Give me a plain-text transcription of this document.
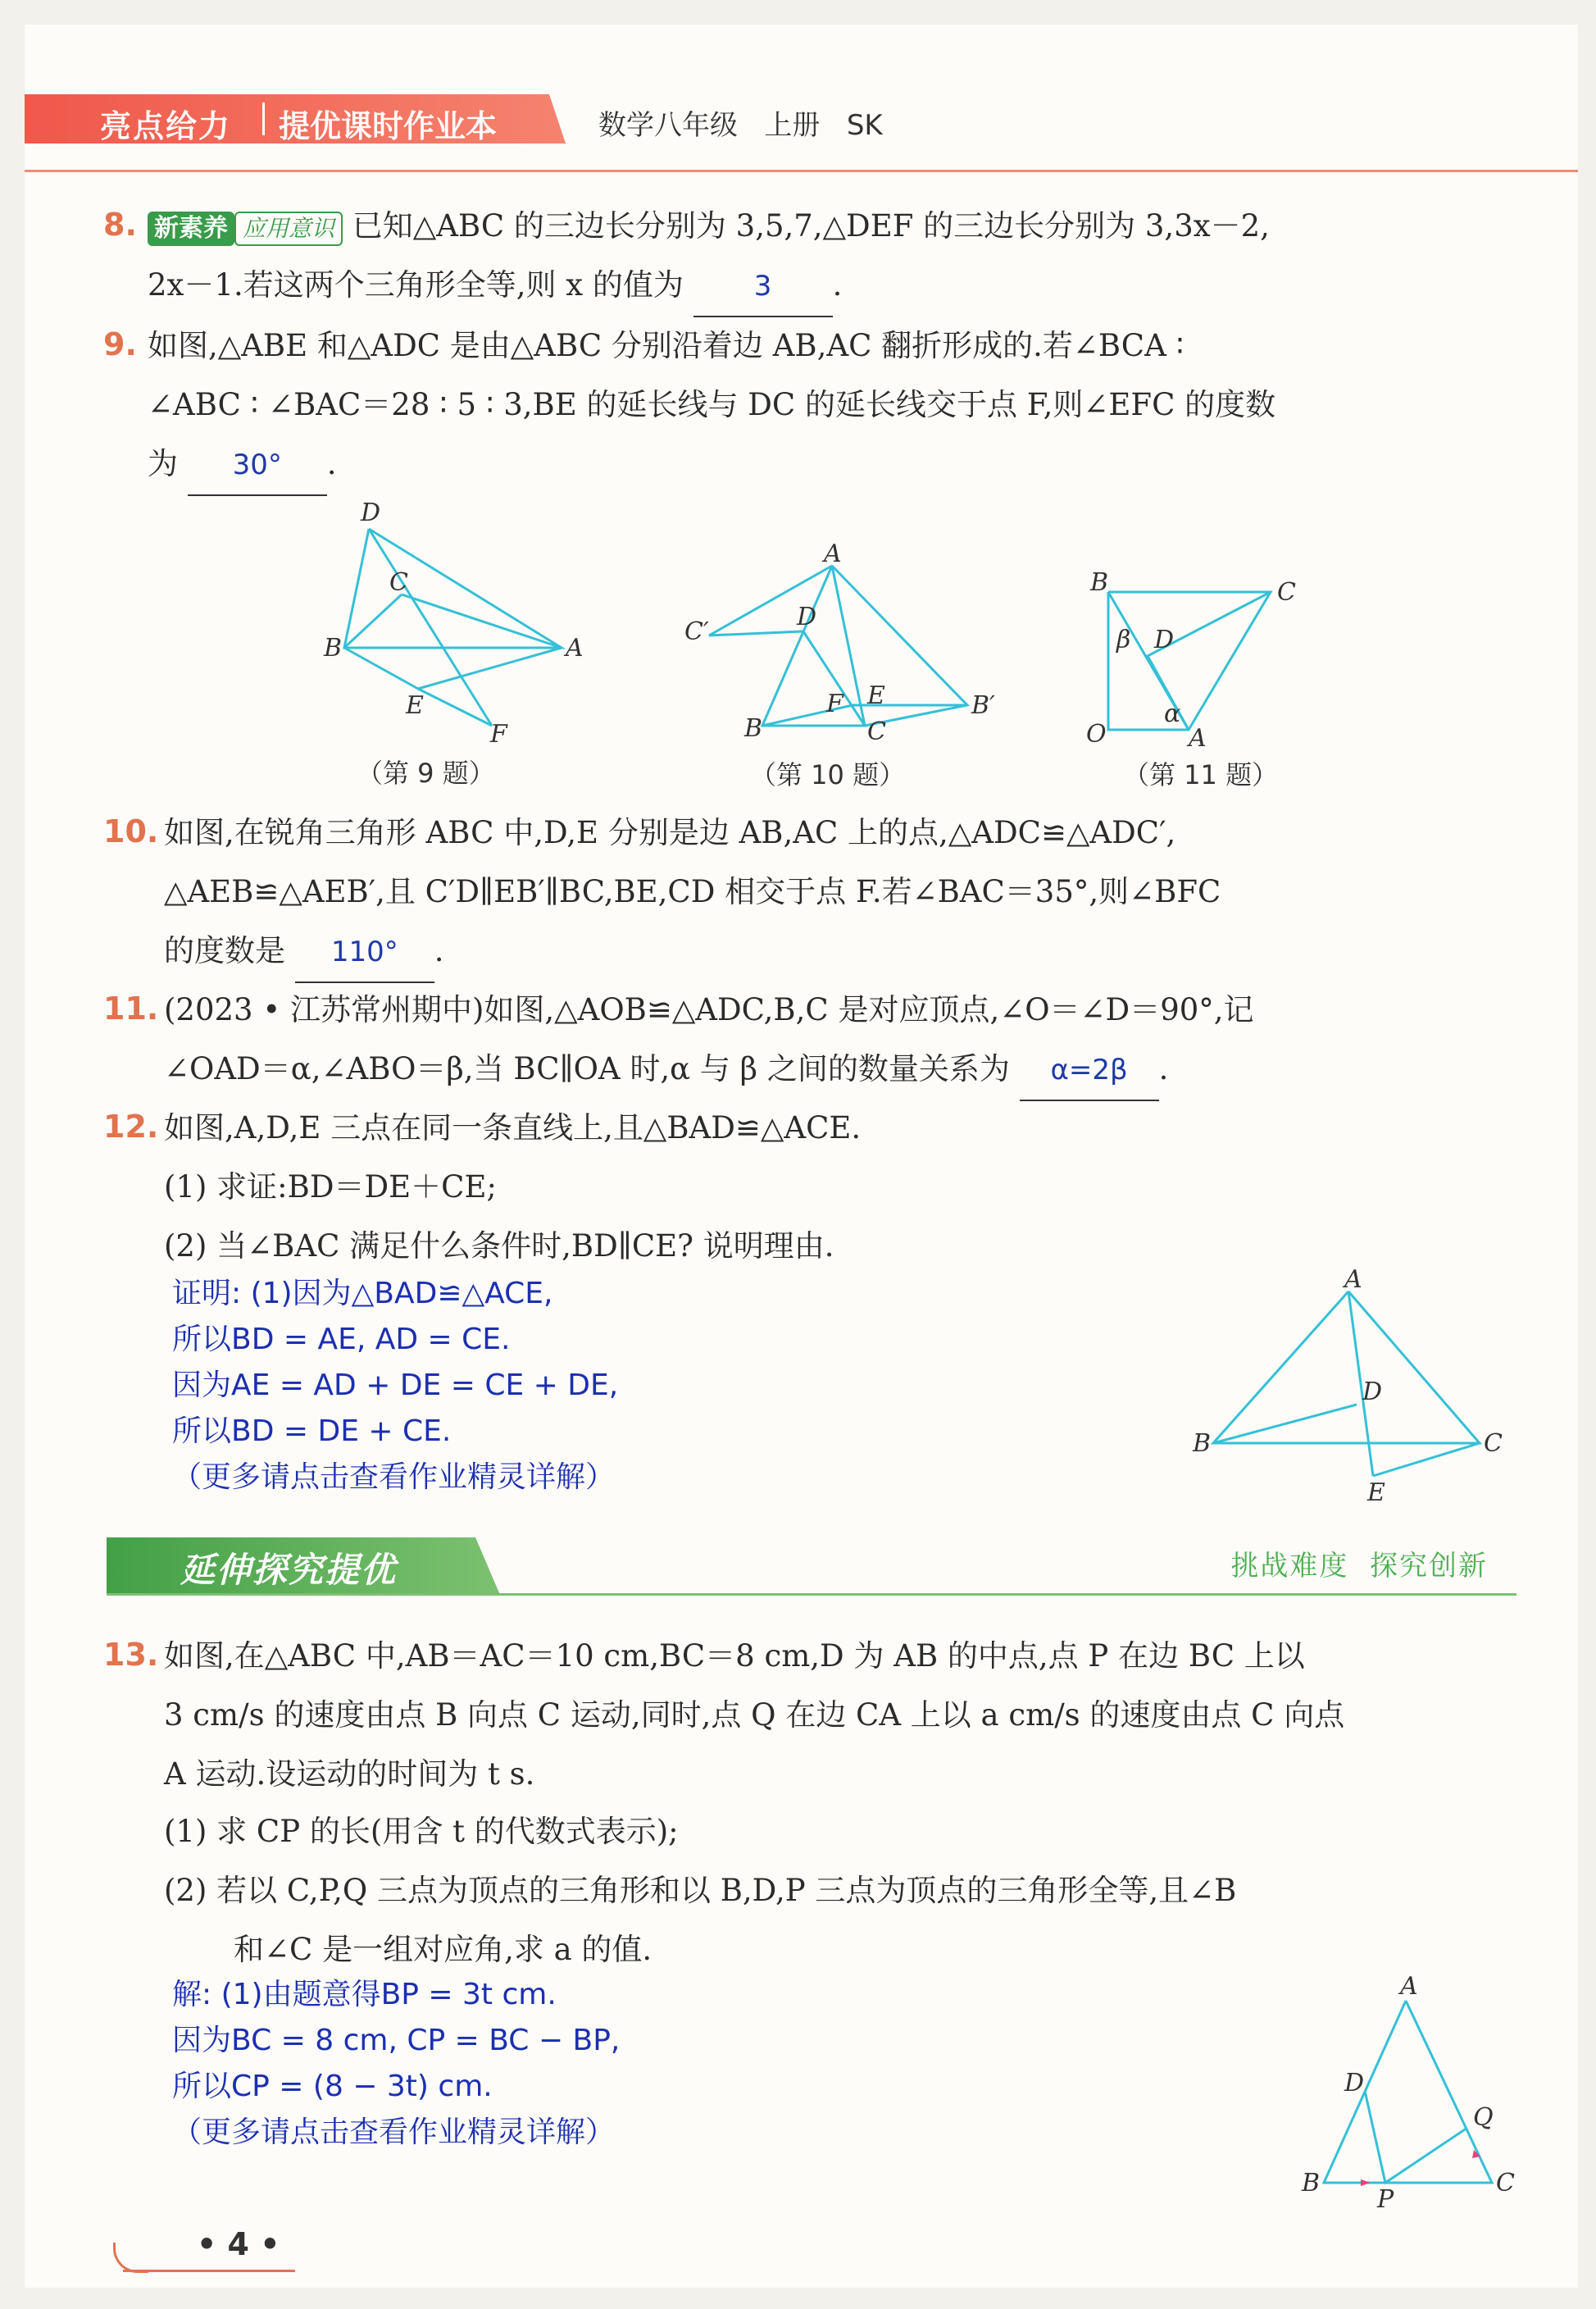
亮点给力 提优课时作业本	数学八年级   上册   SK
8. 新素养 应用意识 已知△ABC 的三边长分别为 3,5,7,△DEF 的三边长分别为 3,3x－2,
2x－1.若这两个三角形全等,则 x 的值为	3 .
9. 如图,△ABE 和△ADC 是由△ABC 分别沿着边 AB,AC 翻折形成的.若∠BCA ∶
∠ABC ∶ ∠BAC＝28 ∶ 5 ∶ 3,BE 的延长线与 DC 的延长线交于点 F,则∠EFC 的度数
为 30° .
D
C
B	A
E
F
（第 9 题）
A
C′
D
F E
B	C
B′
（第 10 题）
B	C
β D
α
O	A
（第 11 题）
10. 如图,在锐角三角形 ABC 中,D,E 分别是边 AB,AC 上的点,△ADC≌△ADC′,
△AEB≌△AEB′,且 C′D∥EB′∥BC,BE,CD 相交于点 F.若∠BAC＝35°,则∠BFC
的度数是 110° .
11. (2023 • 江苏常州期中)如图,△AOB≌△ADC,B,C 是对应顶点,∠O＝∠D＝90°,记
∠OAD＝α,∠ABO＝β,当 BC∥OA 时,α 与 β 之间的数量关系为 α=2β .
12. 如图,A,D,E 三点在同一条直线上,且△BAD≌△ACE.
(1) 求证:BD＝DE＋CE;
(2) 当∠BAC 满足什么条件时,BD∥CE? 说明理由.
证明: (1)因为△BAD≌△ACE,
所以BD = AE, AD = CE.
因为AE = AD + DE = CE + DE,
所以BD = DE + CE.
（更多请点击查看作业精灵详解）
A
D
B	C
E
延伸探究提优	挑战难度  探究创新
13. 如图,在△ABC 中,AB＝AC＝10 cm,BC＝8 cm,D 为 AB 的中点,点 P 在边 BC 上以
3 cm/s 的速度由点 B 向点 C 运动,同时,点 Q 在边 CA 上以 a cm/s 的速度由点 C 向点
A 运动.设运动的时间为 t s.
(1) 求 CP 的长(用含 t 的代数式表示);
(2) 若以 C,P,Q 三点为顶点的三角形和以 B,D,P 三点为顶点的三角形全等,且∠B
和∠C 是一组对应角,求 a 的值.
解: (1)由题意得BP = 3t cm.
因为BC = 8 cm, CP = BC − BP,
所以CP = (8 − 3t) cm.
（更多请点击查看作业精灵详解）
A
D
Q
B
P
C
• 4 •
